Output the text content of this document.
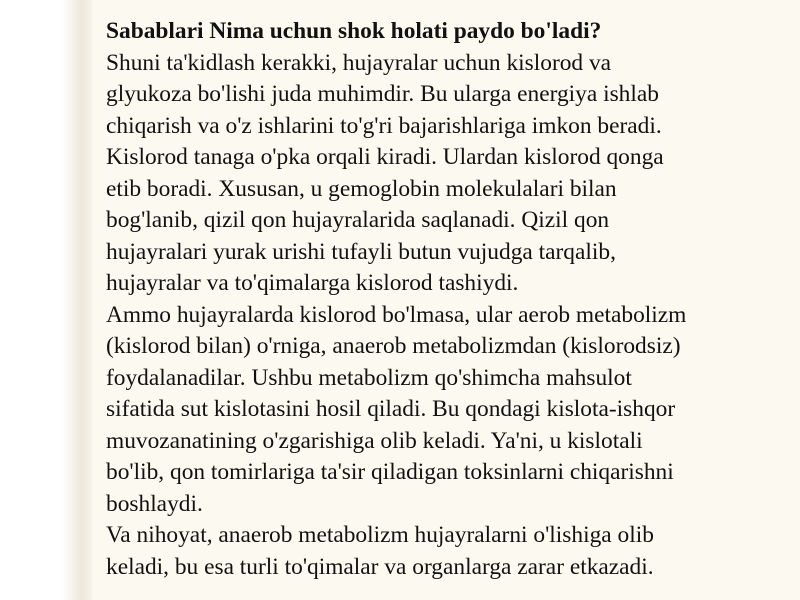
Sabablari Nima uchun shok holati paydo bo'ladi?

Shuni ta'kidlash kerakki, hujayralar uchun kislorod va
glyukoza bo'lishi juda muhimdir. Bu ularga energiya ishlab
chiqarish va o'z ishlarini to'g'ri bajarishlariga imkon beradi.
Kislorod tanaga o'pka orqali kiradi. Ulardan kislorod qonga
etib boradi. Xususan, u gemoglobin molekulalari bilan
bog'lanib, qizil qon hujayralarida saqlanadi. Qizil qon
hujayralari yurak urishi tufayli butun vujudga tarqalib,
hujayralar va to'qimalarga kislorod tashiydi.

Ammo hujayralarda kislorod bo'lmasa, ular aerob metabolizm
(kislorod bilan) o'rniga, anaerob metabolizmdan (kislorodsiz)
foydalanadilar. Ushbu metabolizm qo'shimcha mahsulot
sifatida sut kislotasini hosil qiladi. Bu qondagi kislota-ishqor
muvozanatining o'zgarishiga olib keladi. Ya'ni, u kislotali
bo'lib, qon tomirlariga ta'sir qiladigan toksinlarni chiqarishni
boshlaydi.

Va nihoyat, anaerob metabolizm hujayralarni o'lishiga olib
keladi, bu esa turli to'qimalar va organlarga zarar etkazadi.
